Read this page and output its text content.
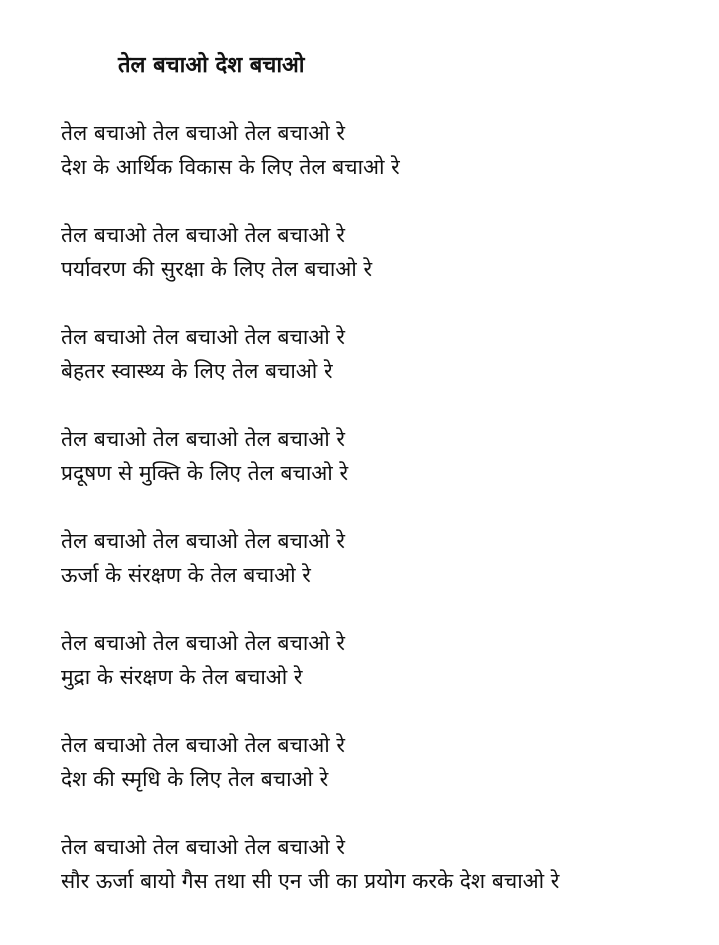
तेल बचाओ देश बचाओ
तेल बचाओ तेल बचाओ तेल बचाओ रे
देश के आर्थिक विकास के लिए तेल बचाओ रे
तेल बचाओ तेल बचाओ तेल बचाओ रे
पर्यावरण की सुरक्षा के लिए तेल बचाओ रे
तेल बचाओ तेल बचाओ तेल बचाओ रे
बेहतर स्वास्थ्य के लिए तेल बचाओ रे
तेल बचाओ तेल बचाओ तेल बचाओ रे
प्रदूषण से मुक्ति के लिए तेल बचाओ रे
तेल बचाओ तेल बचाओ तेल बचाओ रे
ऊर्जा के संरक्षण के तेल बचाओ रे
तेल बचाओ तेल बचाओ तेल बचाओ रे
मुद्रा के संरक्षण के तेल बचाओ रे
तेल बचाओ तेल बचाओ तेल बचाओ रे
देश की स्मृधि के लिए तेल बचाओ रे
तेल बचाओ तेल बचाओ तेल बचाओ रे
सौर ऊर्जा बायो गैस तथा सी एन जी का प्रयोग करके देश बचाओ रे
